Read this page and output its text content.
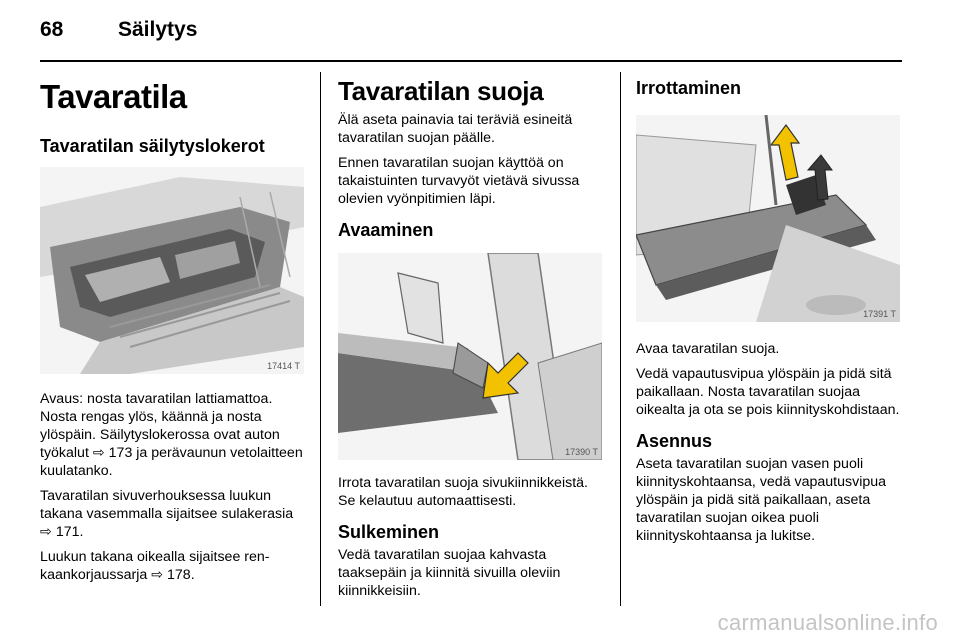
68	Säilytys
Tavaratila
Tavaratilan säilytyslokerot
17414 T

Avaus: nosta tavaratilan lattiamattoa. Nosta rengas ylös, käännä ja nosta ylöspäin. Säilytyslokerossa ovat auton työkalut ⇨ 173 ja perävaunun vetolaitteen kuulatanko.

Tavaratilan sivuverhouksessa luukun takana vasemmalla sijaitsee sulakerasia ⇨ 171.

Luukun takana oikealla sijaitsee renkaankorjaussarja ⇨ 178.

Tavaratilan suoja

Älä aseta painavia tai teräviä esineitä tavaratilan suojan päälle.

Ennen tavaratilan suojan käyttöä on takaistuinten turvavyöt vietävä sivussa olevien vyönpitimien läpi.

Avaaminen
17390 T

Irrota tavaratilan suoja sivukiinnikkeistä. Se kelautuu automaattisesti.

Sulkeminen

Vedä tavaratilan suojaa kahvasta taaksepäin ja kiinnitä sivuilla oleviin kiinnikkeisiin.

Irrottaminen
17391 T

Avaa tavaratilan suoja.

Vedä vapautusvipua ylöspäin ja pidä sitä paikallaan. Nosta tavaratilan suojaa oikealta ja ota se pois kiinnityskohdistaan.

Asennus

Aseta tavaratilan suojan vasen puoli kiinnityskohtaansa, vedä vapautusvipua ylöspäin ja pidä sitä paikallaan, aseta tavaratilan suojan oikea puoli kiinnityskohtaansa ja lukitse.

carmanualsonline.info
